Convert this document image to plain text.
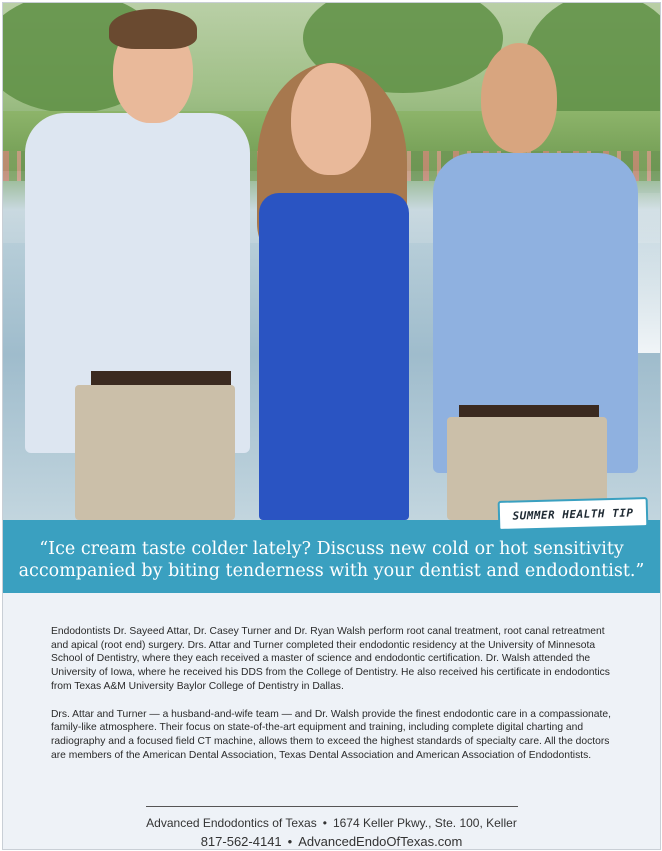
SUMMER HEALTH TIP
“Ice cream taste colder lately? Discuss new cold or hot sensitivity
accompanied by biting tenderness with your dentist and endodontist.”

Endodontists Dr. Sayeed Attar, Dr. Casey Turner and Dr. Ryan Walsh perform root canal treatment, root canal retreatment and apical (root end) surgery. Drs. Attar and Turner completed their endodontic residency at the University of Minnesota School of Dentistry, where they each received a master of science and endodontic certification. Dr. Walsh attended the University of Iowa, where he received his DDS from the College of Dentistry. He also received his certificate in endodontics from Texas A&M University Baylor College of Dentistry in Dallas.

Drs. Attar and Turner — a husband-and-wife team — and Dr. Walsh provide the finest endodontic care in a compassionate, family-like atmosphere. Their focus on state-of-the-art equipment and training, including complete digital charting and radiography and a focused field CT machine, allows them to exceed the highest standards of specialty care. All the doctors are members of the American Dental Association, Texas Dental Association and American Association of Endodontists.

Advanced Endodontics of Texas • 1674 Keller Pkwy., Ste. 100, Keller
817-562-4141 • AdvancedEndoOfTexas.com
